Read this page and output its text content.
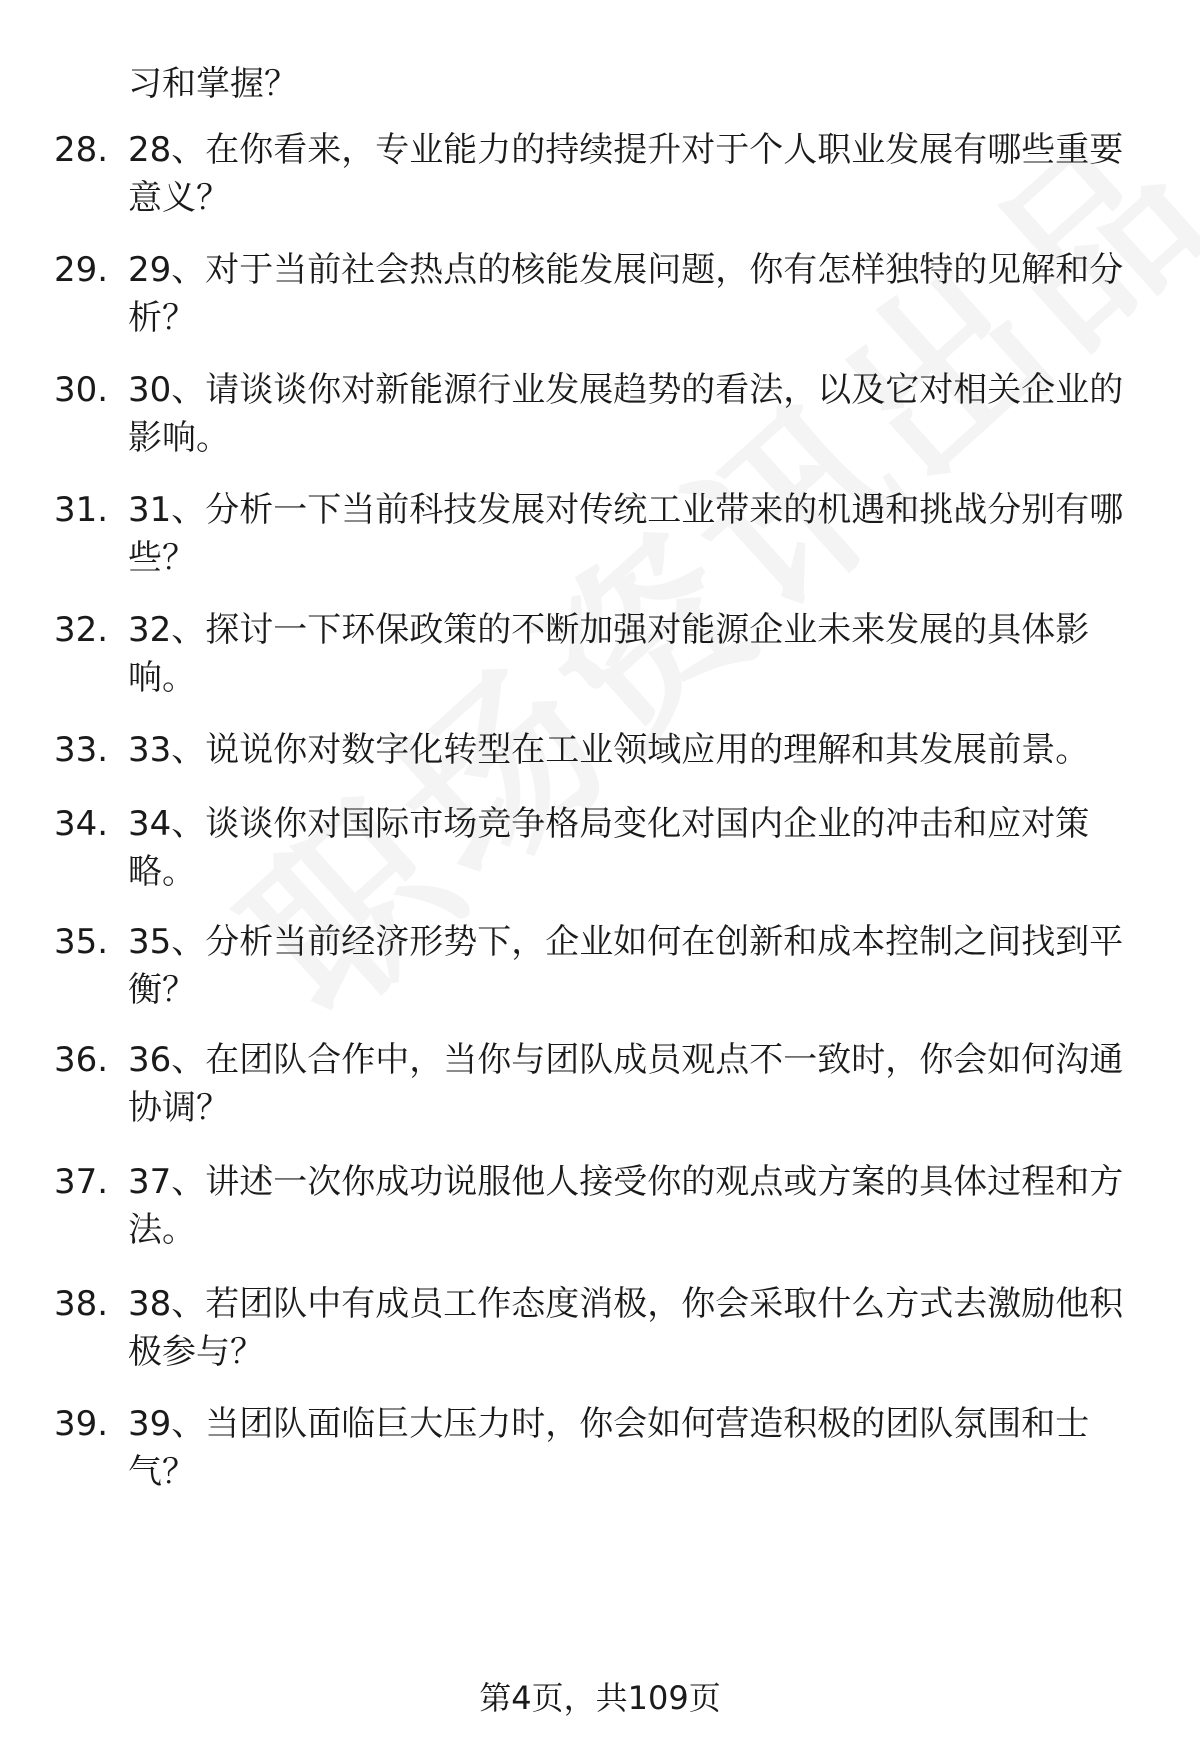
习和掌握？
28. 28、在你看来，专业能力的持续提升对于个人职业发展有哪些重要意义？
29. 29、对于当前社会热点的核能发展问题，你有怎样独特的见解和分析？
30. 30、请谈谈你对新能源行业发展趋势的看法，以及它对相关企业的影响。
31. 31、分析一下当前科技发展对传统工业带来的机遇和挑战分别有哪些？
32. 32、探讨一下环保政策的不断加强对能源企业未来发展的具体影响。
33. 33、说说你对数字化转型在工业领域应用的理解和其发展前景。
34. 34、谈谈你对国际市场竞争格局变化对国内企业的冲击和应对策略。
35. 35、分析当前经济形势下，企业如何在创新和成本控制之间找到平衡？
36. 36、在团队合作中，当你与团队成员观点不一致时，你会如何沟通协调？
37. 37、讲述一次你成功说服他人接受你的观点或方案的具体过程和方法。
38. 38、若团队中有成员工作态度消极，你会采取什么方式去激励他积极参与？
39. 39、当团队面临巨大压力时，你会如何营造积极的团队氛围和士气？
第4页，共109页
